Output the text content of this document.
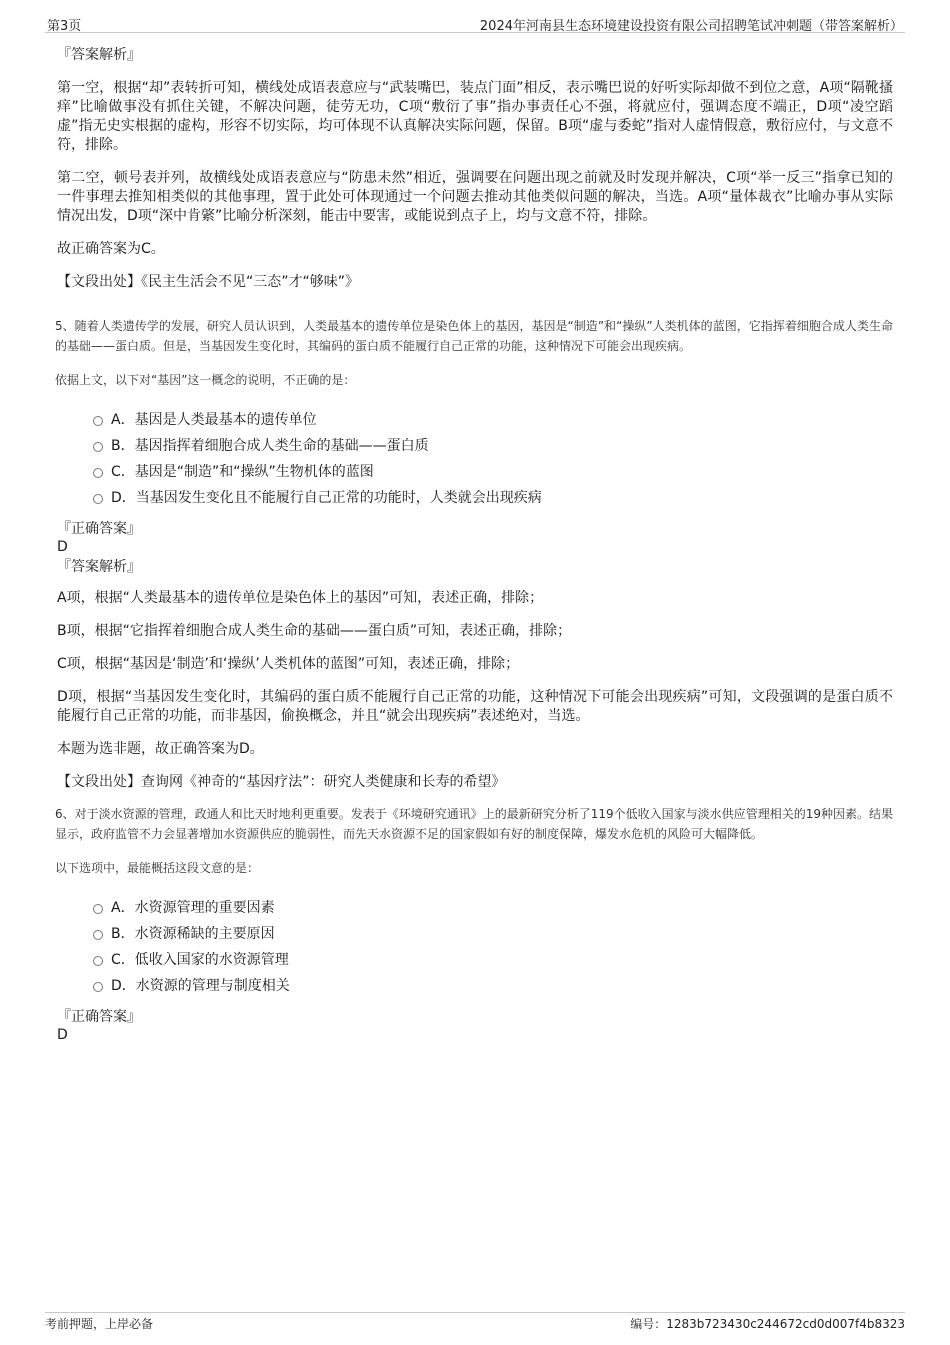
第3页	2024年河南县生态环境建设投资有限公司招聘笔试冲刺题（带答案解析）

『答案解析』

第一空，根据“却”表转折可知，横线处成语表意应与“武装嘴巴，装点门面”相反，表示嘴巴说的好听实际却做不到位之意，A项“隔靴搔痒”比喻做事没有抓住关键，不解决问题，徒劳无功，C项“敷衍了事”指办事责任心不强，将就应付，强调态度不端正，D项“凌空蹈虚”指无史实根据的虚构，形容不切实际，均可体现不认真解决实际问题，保留。B项“虚与委蛇”指对人虚情假意，敷衍应付，与文意不符，排除。

第二空，顿号表并列，故横线处成语表意应与“防患未然”相近，强调要在问题出现之前就及时发现并解决，C项“举一反三”指拿已知的一件事理去推知相类似的其他事理，置于此处可体现通过一个问题去推动其他类似问题的解决，当选。A项“量体裁衣”比喻办事从实际情况出发，D项“深中肯綮”比喻分析深刻，能击中要害，或能说到点子上，均与文意不符，排除。

故正确答案为C。

【文段出处】《民主生活会不见“三态”才“够味”》

5、随着人类遗传学的发展，研究人员认识到，人类最基本的遗传单位是染色体上的基因，基因是“制造”和“操纵”人类机体的蓝图，它指挥着细胞合成人类生命的基础——蛋白质。但是，当基因发生变化时，其编码的蛋白质不能履行自己正常的功能，这种情况下可能会出现疾病。

依据上文，以下对“基因”这一概念的说明，不正确的是：

A．基因是人类最基本的遗传单位
B．基因指挥着细胞合成人类生命的基础——蛋白质
C．基因是“制造”和“操纵”生物机体的蓝图
D．当基因发生变化且不能履行自己正常的功能时，人类就会出现疾病

『正确答案』

D

『答案解析』

A项，根据“人类最基本的遗传单位是染色体上的基因”可知，表述正确，排除；

B项，根据“它指挥着细胞合成人类生命的基础——蛋白质”可知，表述正确，排除；

C项，根据“基因是‘制造’和‘操纵’人类机体的蓝图”可知，表述正确，排除；

D项，根据“当基因发生变化时，其编码的蛋白质不能履行自己正常的功能，这种情况下可能会出现疾病”可知，文段强调的是蛋白质不能履行自己正常的功能，而非基因，偷换概念，并且“就会出现疾病”表述绝对，当选。

本题为选非题，故正确答案为D。

【文段出处】查询网《神奇的“基因疗法”：研究人类健康和长寿的希望》

6、对于淡水资源的管理，政通人和比天时地利更重要。发表于《环境研究通讯》上的最新研究分析了119个低收入国家与淡水供应管理相关的19种因素。结果显示，政府监管不力会显著增加水资源供应的脆弱性，而先天水资源不足的国家假如有好的制度保障，爆发水危机的风险可大幅降低。

以下选项中，最能概括这段文意的是：

A．水资源管理的重要因素
B．水资源稀缺的主要原因
C．低收入国家的水资源管理
D．水资源的管理与制度相关

『正确答案』

D

考前押题，上岸必备	编号：1283b723430c244672cd0d007f4b8323
